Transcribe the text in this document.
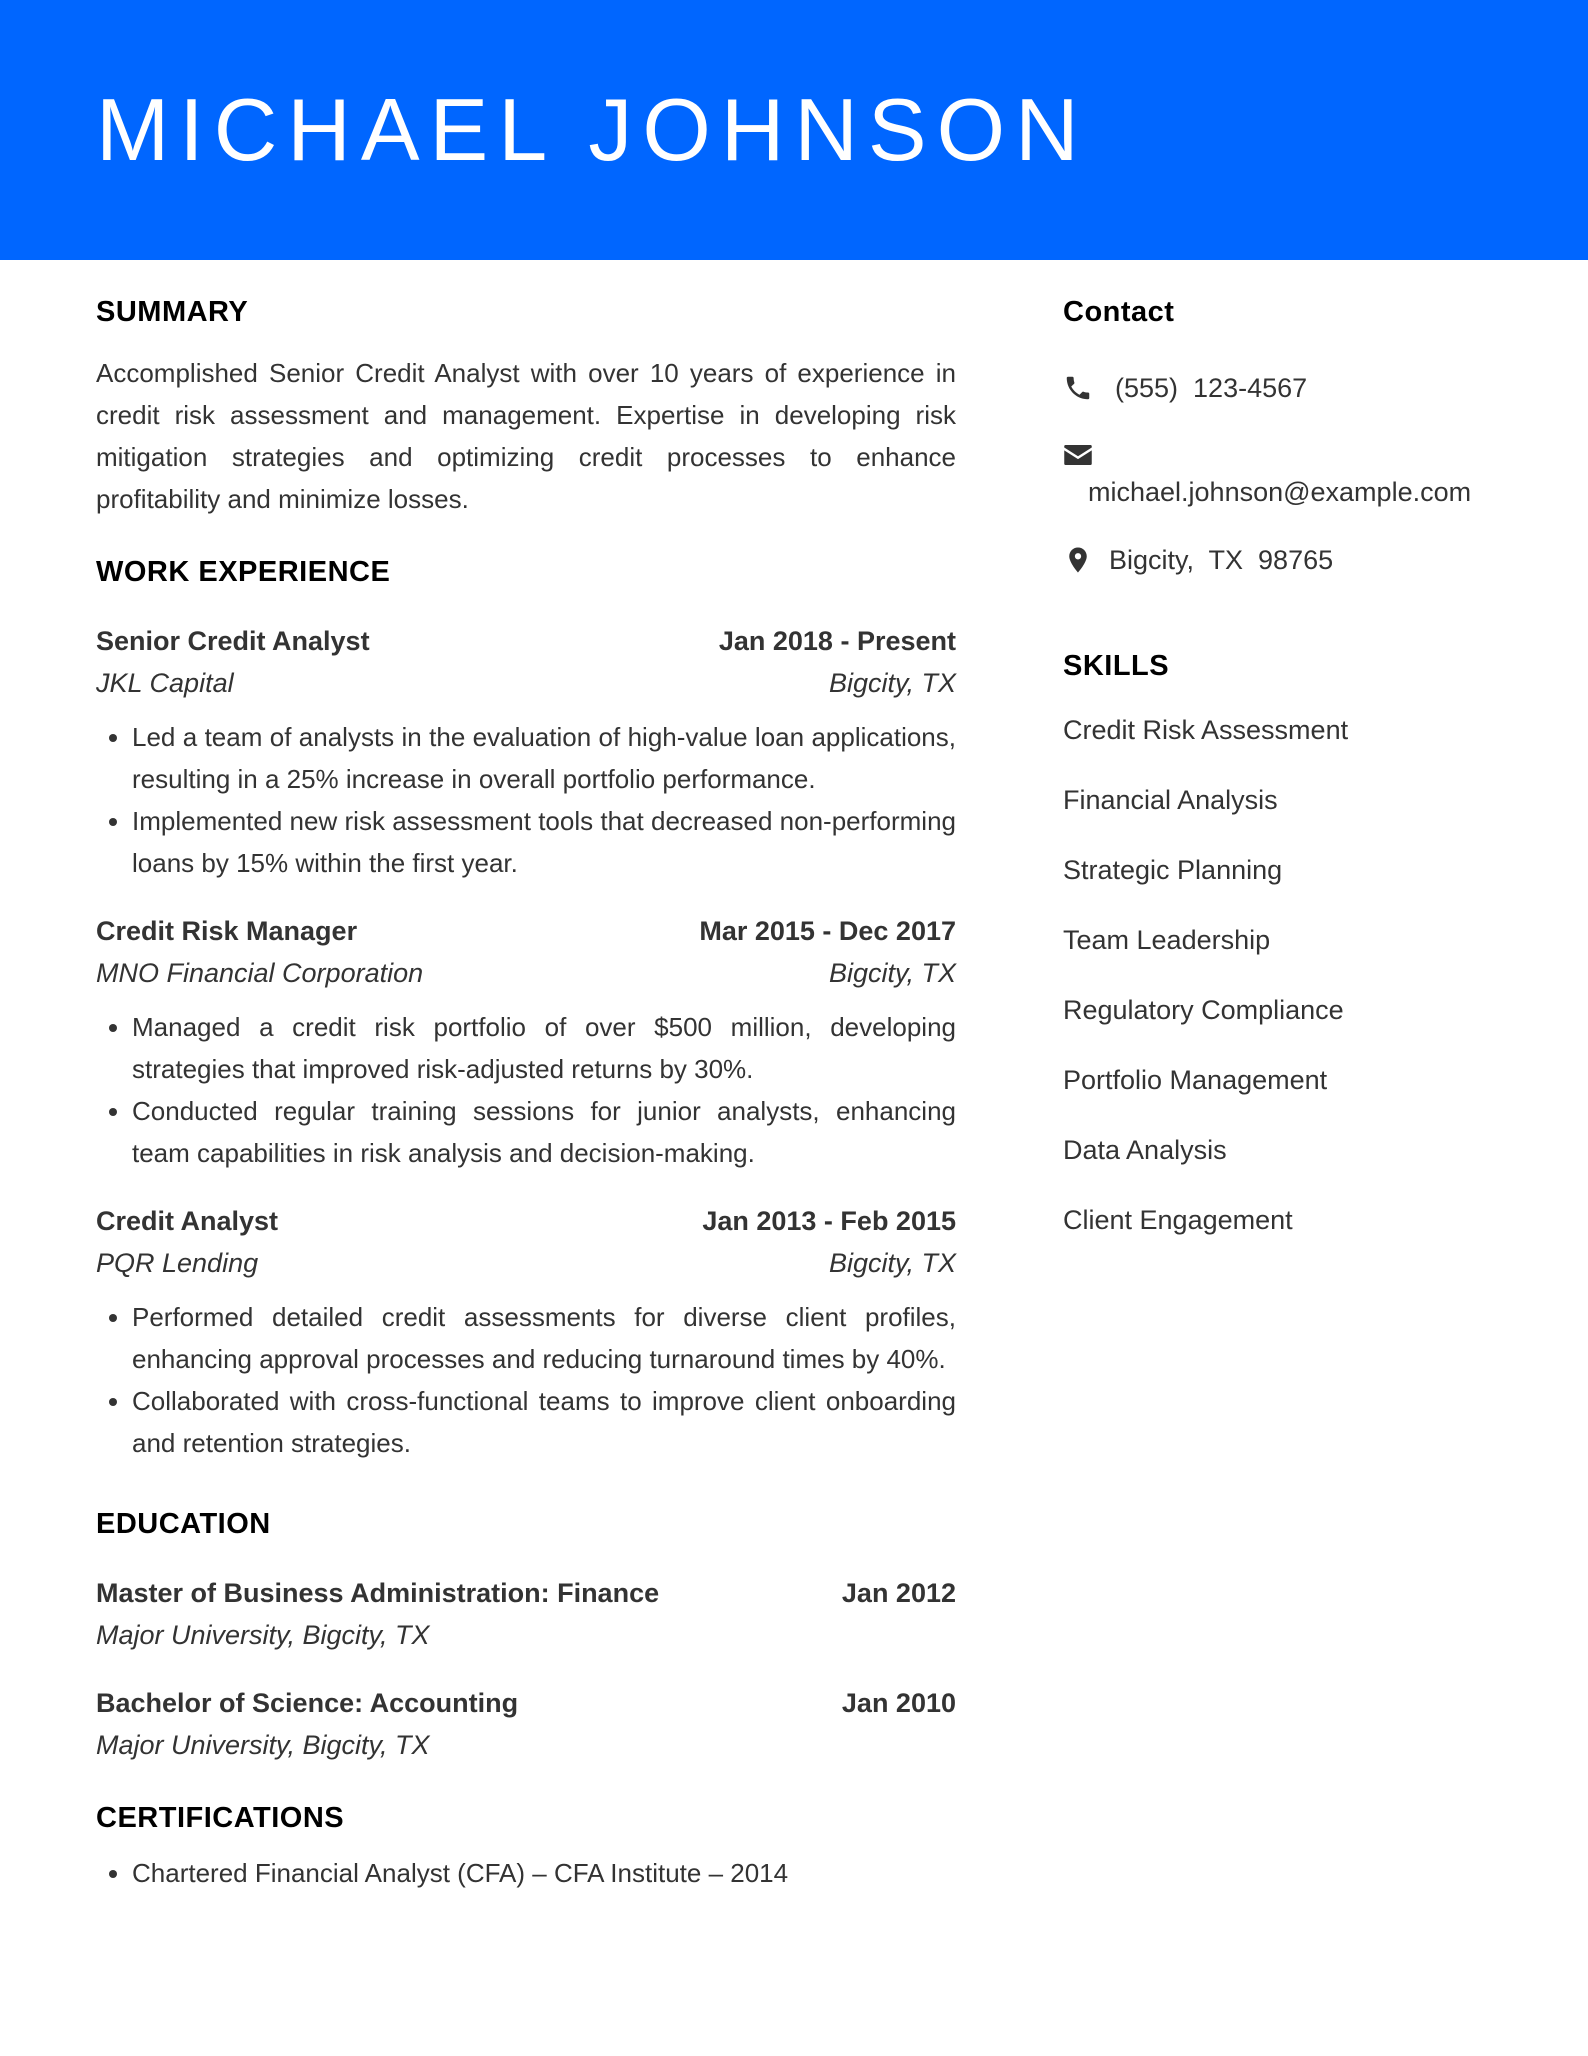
MICHAEL JOHNSON
SUMMARY
Accomplished Senior Credit Analyst with over 10 years of experience in credit risk assessment and management. Expertise in developing risk mitigation strategies and optimizing credit processes to enhance profitability and minimize losses.
WORK EXPERIENCE
Senior Credit Analyst	Jan 2018 - Present
JKL Capital	Bigcity, TX
• Led a team of analysts in the evaluation of high-value loan applications, resulting in a 25% increase in overall portfolio performance.
• Implemented new risk assessment tools that decreased non-performing loans by 15% within the first year.
Credit Risk Manager	Mar 2015 - Dec 2017
MNO Financial Corporation	Bigcity, TX
• Managed a credit risk portfolio of over $500 million, developing strategies that improved risk-adjusted returns by 30%.
• Conducted regular training sessions for junior analysts, enhancing team capabilities in risk analysis and decision-making.
Credit Analyst	Jan 2013 - Feb 2015
PQR Lending	Bigcity, TX
• Performed detailed credit assessments for diverse client profiles, enhancing approval processes and reducing turnaround times by 40%.
• Collaborated with cross-functional teams to improve client onboarding and retention strategies.
EDUCATION
Master of Business Administration: Finance	Jan 2012
Major University, Bigcity, TX
Bachelor of Science: Accounting	Jan 2010
Major University, Bigcity, TX
CERTIFICATIONS
• Chartered Financial Analyst (CFA) – CFA Institute – 2014
Contact
(555)  123-4567
michael.johnson@example.com
Bigcity,  TX  98765
SKILLS
Credit Risk Assessment
Financial Analysis
Strategic Planning
Team Leadership
Regulatory Compliance
Portfolio Management
Data Analysis
Client Engagement
